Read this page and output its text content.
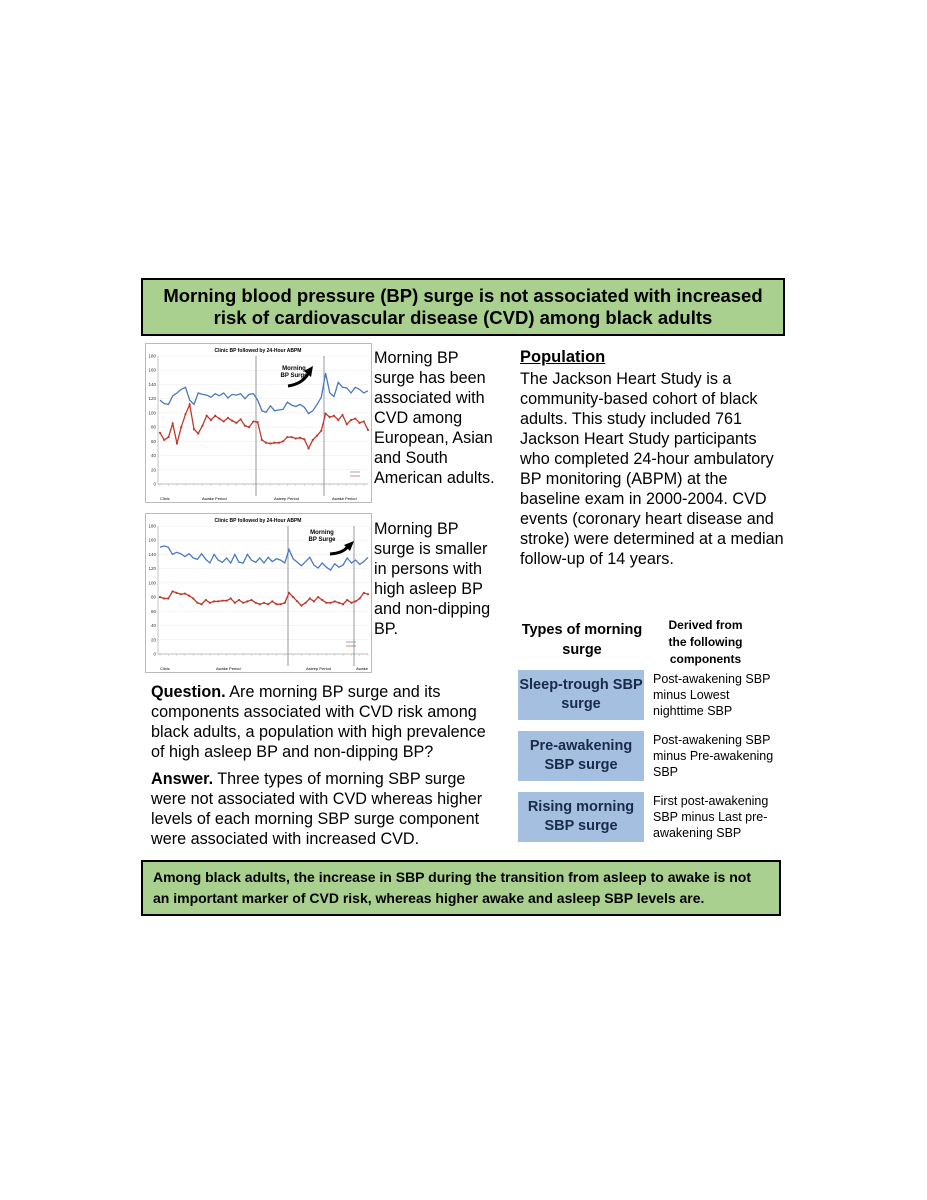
Morning blood pressure (BP) surge is not associated with increased risk of cardiovascular disease (CVD) among black adults
Clinic BP followed by 24-Hour ABPM
180
160
140
120
100
80
60
40
20
0
Morning
BP Surge
Clinic	Awake Period	Asleep Period	Awake Period
Clinic BP followed by 24-Hour ABPM
180
160
140
120
100
80
60
40
20
0
Morning
BP Surge
Clinic	Awake Period	Asleep Period	Awake
Morning BP surge has been associated with CVD among European, Asian and South American adults.
Morning BP surge is smaller in persons with high asleep BP and non-dipping BP.
Population
The Jackson Heart Study is a community-based cohort of black adults. This study included 761 Jackson Heart Study participants who completed 24-hour ambulatory BP monitoring (ABPM) at the baseline exam in 2000-2004. CVD events (coronary heart disease and stroke) were determined at a median follow-up of 14 years.
Types of morning surge
Derived from the following components
Sleep-trough SBP surge
Post-awakening SBP minus Lowest nighttime SBP
Pre-awakening SBP surge
Post-awakening SBP minus Pre-awakening SBP
Rising morning SBP surge
First post-awakening SBP minus Last pre-awakening SBP
Question. Are morning BP surge and its components associated with CVD risk among black adults, a population with high prevalence of high asleep BP and non-dipping BP?
Answer. Three types of morning SBP surge were not associated with CVD whereas higher levels of each morning SBP surge component were associated with increased CVD.
Among black adults, the increase in SBP during the transition from asleep to awake is not an important marker of CVD risk, whereas higher awake and asleep SBP levels are.
